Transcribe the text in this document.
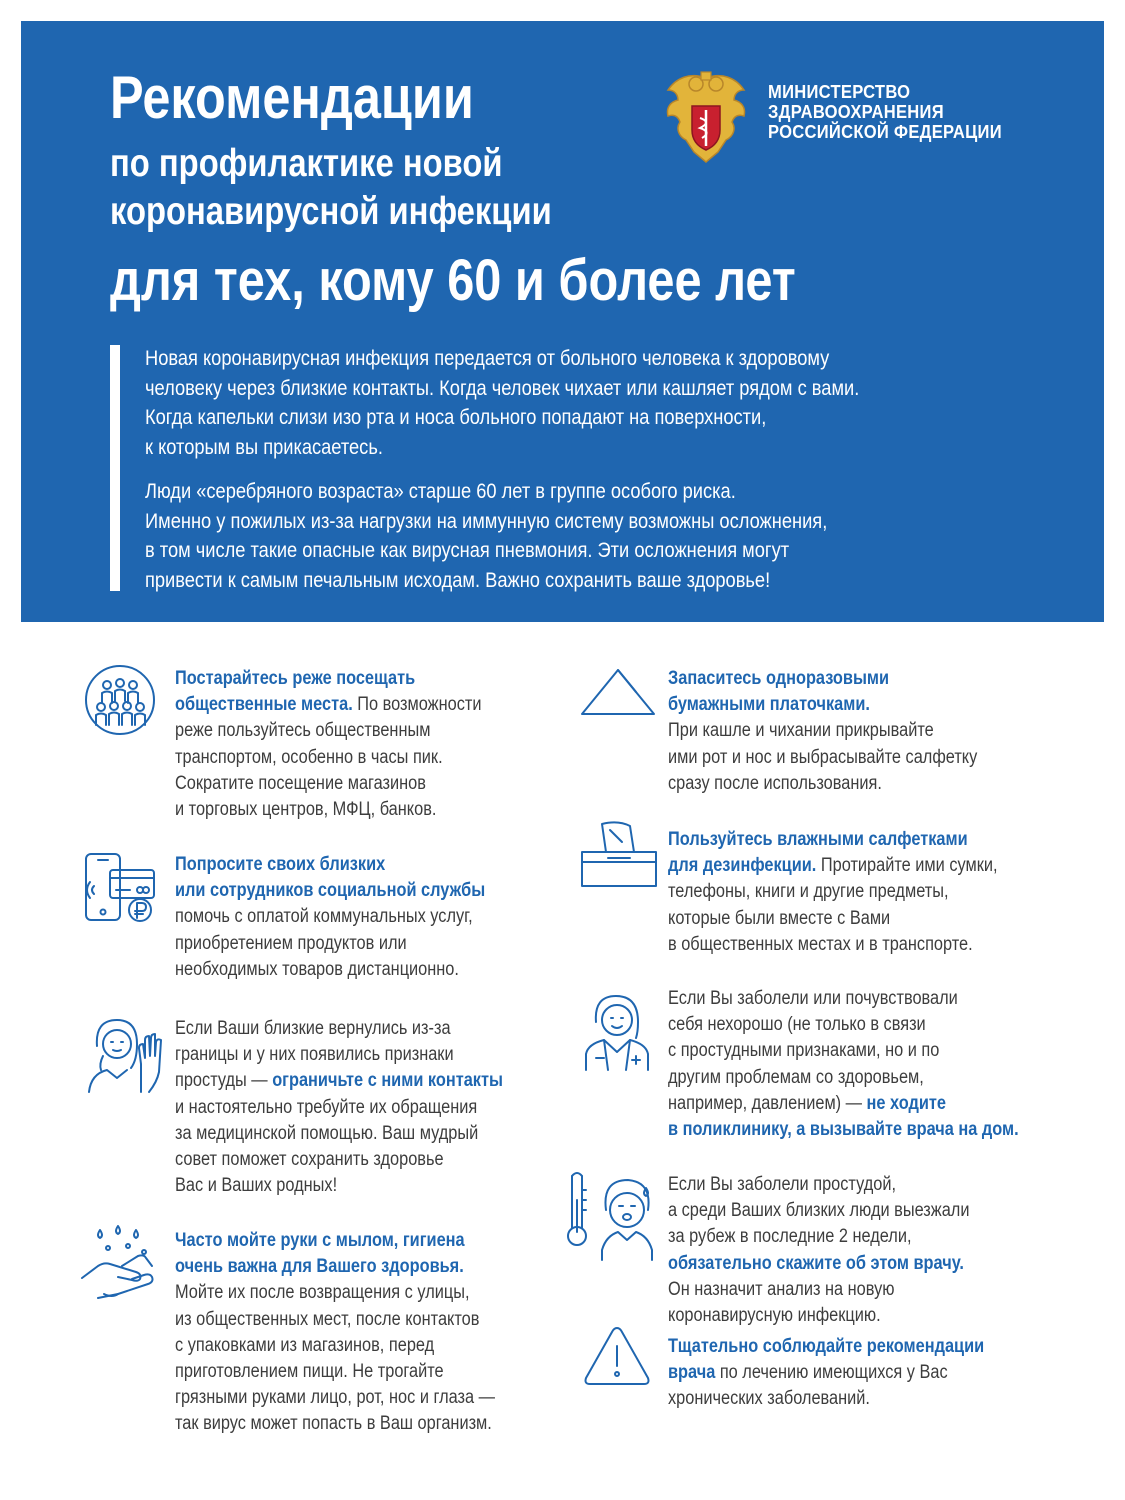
Рекомендации
по профилактике новой
коронавирусной инфекции
для тех, кому 60 и более лет
МИНИСТЕРСТВО
ЗДРАВООХРАНЕНИЯ
РОССИЙСКОЙ ФЕДЕРАЦИИ

Новая коронавирусная инфекция передается от больного человека к здоровому
человеку через близкие контакты. Когда человек чихает или кашляет рядом с вами.
Когда капельки слизи изо рта и носа больного попадают на поверхности,
к которым вы прикасаетесь.

Люди «серебряного возраста» старше 60 лет в группе особого риска.
Именно у пожилых из-за нагрузки на иммунную систему возможны осложнения,
в том числе такие опасные как вирусная пневмония. Эти осложнения могут
привести к самым печальным исходам. Важно сохранить ваше здоровье!

Постарайтесь реже посещать
общественные места. По возможности
реже пользуйтесь общественным
транспортом, особенно в часы пик.
Сократите посещение магазинов
и торговых центров, МФЦ, банков.
Попросите своих близких
или сотрудников социальной службы
помочь с оплатой коммунальных услуг,
приобретением продуктов или
необходимых товаров дистанционно.
Если Ваши близкие вернулись из-за
границы и у них появились признаки
простуды — ограничьте с ними контакты
и настоятельно требуйте их обращения
за медицинской помощью. Ваш мудрый
совет поможет сохранить здоровье
Вас и Ваших родных!
Часто мойте руки с мылом, гигиена
очень важна для Вашего здоровья.
Мойте их после возвращения с улицы,
из общественных мест, после контактов
с упаковками из магазинов, перед
приготовлением пищи. Не трогайте
грязными руками лицо, рот, нос и глаза —
так вирус может попасть в Ваш организм.
Запаситесь одноразовыми
бумажными платочками.
При кашле и чихании прикрывайте
ими рот и нос и выбрасывайте салфетку
сразу после использования.
Пользуйтесь влажными салфетками
для дезинфекции. Протирайте ими сумки,
телефоны, книги и другие предметы,
которые были вместе с Вами
в общественных местах и в транспорте.
Если Вы заболели или почувствовали
себя нехорошо (не только в связи
с простудными признаками, но и по
другим проблемам со здоровьем,
например, давлением) — не ходите
в поликлинику, а вызывайте врача на дом.
Если Вы заболели простудой,
а среди Ваших близких люди выезжали
за рубеж в последние 2 недели,
обязательно скажите об этом врачу.
Он назначит анализ на новую
коронавирусную инфекцию.
Тщательно соблюдайте рекомендации
врача по лечению имеющихся у Вас
хронических заболеваний.
